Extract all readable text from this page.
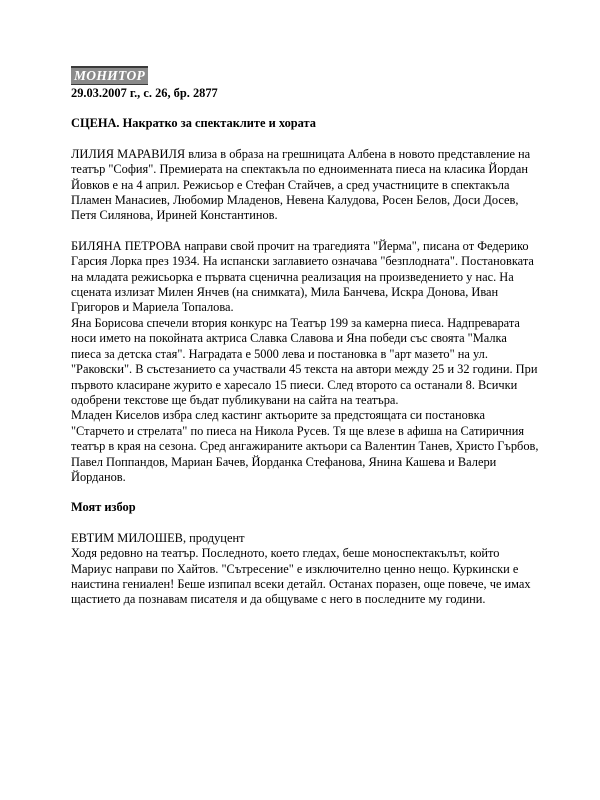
МОНИТОР

29.03.2007 г., с. 26, бр. 2877

СЦЕНА. Накратко за спектаклите и хората

ЛИЛИЯ МАРАВИЛЯ влиза в образа на грешницата Албена в новото представление на театър "София". Премиерата на спектакъла по едноименната пиеса на класика Йордан Йовков е на 4 април. Режисьор е Стефан Стайчев, а сред участниците в спектакъла Пламен Манасиев, Любомир Младенов, Невена Калудова, Росен Белов, Доси Досев, Петя Силянова, Ириней Константинов.

БИЛЯНА ПЕТРОВА направи свой прочит на трагедията "Йерма", писана от Федерико Гарсия Лорка през 1934. На испански заглавието означава "безплодната". Постановката на младата режисьорка е първата сценична реализация на произведението у нас. На сцената излизат Милен Янчев (на снимката), Мила Банчева, Искра Донова, Иван Григоров и Мариела Топалова.

Яна Борисова спечели втория конкурс на Театър 199 за камерна пиеса. Надпреварата носи името на покойната актриса Славка Славова и Яна победи със своята "Малка пиеса за детска стая". Наградата е 5000 лева и постановка в "арт мазето" на ул. "Раковски". В състезанието са участвали 45 текста на автори между 25 и 32 години. При първото класиране журито е харесало 15 пиеси. След второто са останали 8. Всички одобрени текстове ще бъдат публикувани на сайта на театъра.

Младен Киселов избра след кастинг актьорите за предстоящата си постановка "Старчето и стрелата" по пиеса на Никола Русев. Тя ще влезе в афиша на Сатиричния театър в края на сезона. Сред ангажираните актьори са Валентин Танев, Христо Гърбов, Павел Поппандов, Мариан Бачев, Йорданка Стефанова, Янина Кашева и Валери Йорданов.

Моят избор

ЕВТИМ МИЛОШЕВ, продуцент

Ходя редовно на театър. Последното, което гледах, беше моноспектакълът, който Мариус направи по Хайтов. "Сътресение" е изключително ценно нещо. Куркински е наистина гениален! Беше изпипал всеки детайл. Останах поразен, още повече, че имах щастието да познавам писателя и да общуваме с него в последните му години.
